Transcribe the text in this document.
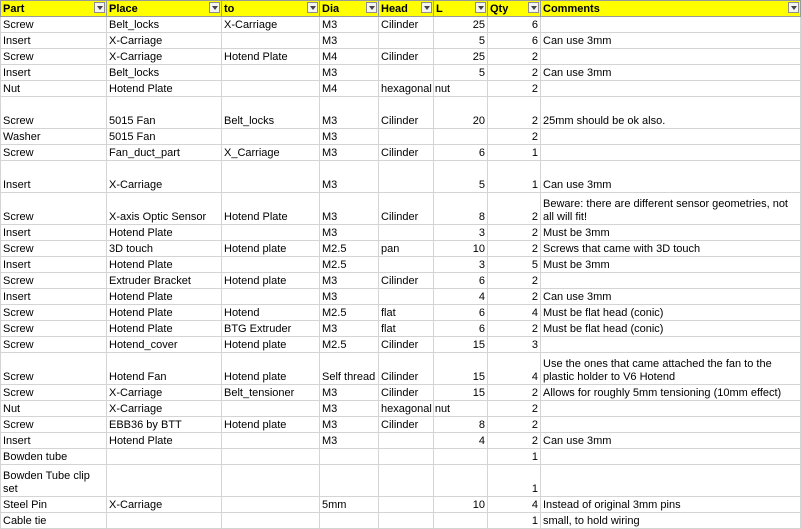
Part	Place	to	Dia	Head	L	Qty	Comments

Screw	Belt_locks	X-Carriage	M3	Cilinder	25	6	
Insert	X-Carriage		M3		5	6	Can use 3mm
Screw	X-Carriage	Hotend Plate	M4	Cilinder	25	2	
Insert	Belt_locks		M3		5	2	Can use 3mm
Nut	Hotend Plate		M4	hexagonal nut		2	
Screw	5015 Fan	Belt_locks	M3	Cilinder	20	2	25mm should be ok also.
Washer	5015 Fan		M3			2	
Screw	Fan_duct_part	X_Carriage	M3	Cilinder	6	1	
Insert	X-Carriage		M3		5	1	Can use 3mm
Screw	X-axis Optic Sensor	Hotend Plate	M3	Cilinder	8	2	Beware: there are different sensor geometries, not all will fit!
Insert	Hotend Plate		M3		3	2	Must be 3mm
Screw	3D touch	Hotend plate	M2.5	pan	10	2	Screws that came with 3D touch
Insert	Hotend Plate		M2.5		3	5	Must be 3mm
Screw	Extruder Bracket	Hotend plate	M3	Cilinder	6	2	
Insert	Hotend Plate		M3		4	2	Can use 3mm
Screw	Hotend Plate	Hotend	M2.5	flat	6	4	Must be flat head (conic)
Screw	Hotend Plate	BTG Extruder	M3	flat	6	2	Must be flat head (conic)
Screw	Hotend_cover	Hotend plate	M2.5	Cilinder	15	3	
Screw	Hotend Fan	Hotend plate	Self thread	Cilinder	15	4	Use the ones that came attached the fan to the plastic holder to V6 Hotend
Screw	X-Carriage	Belt_tensioner	M3	Cilinder	15	2	Allows for roughly 5mm tensioning (10mm effect)
Nut	X-Carriage		M3	hexagonal nut		2	
Screw	EBB36 by BTT	Hotend plate	M3	Cilinder	8	2	
Insert	Hotend Plate		M3		4	2	Can use 3mm
Bowden tube						1	
Bowden Tube clip set						1	
Steel Pin	X-Carriage		5mm		10	4	Instead of original 3mm pins
Cable tie						1	small, to hold wiring
